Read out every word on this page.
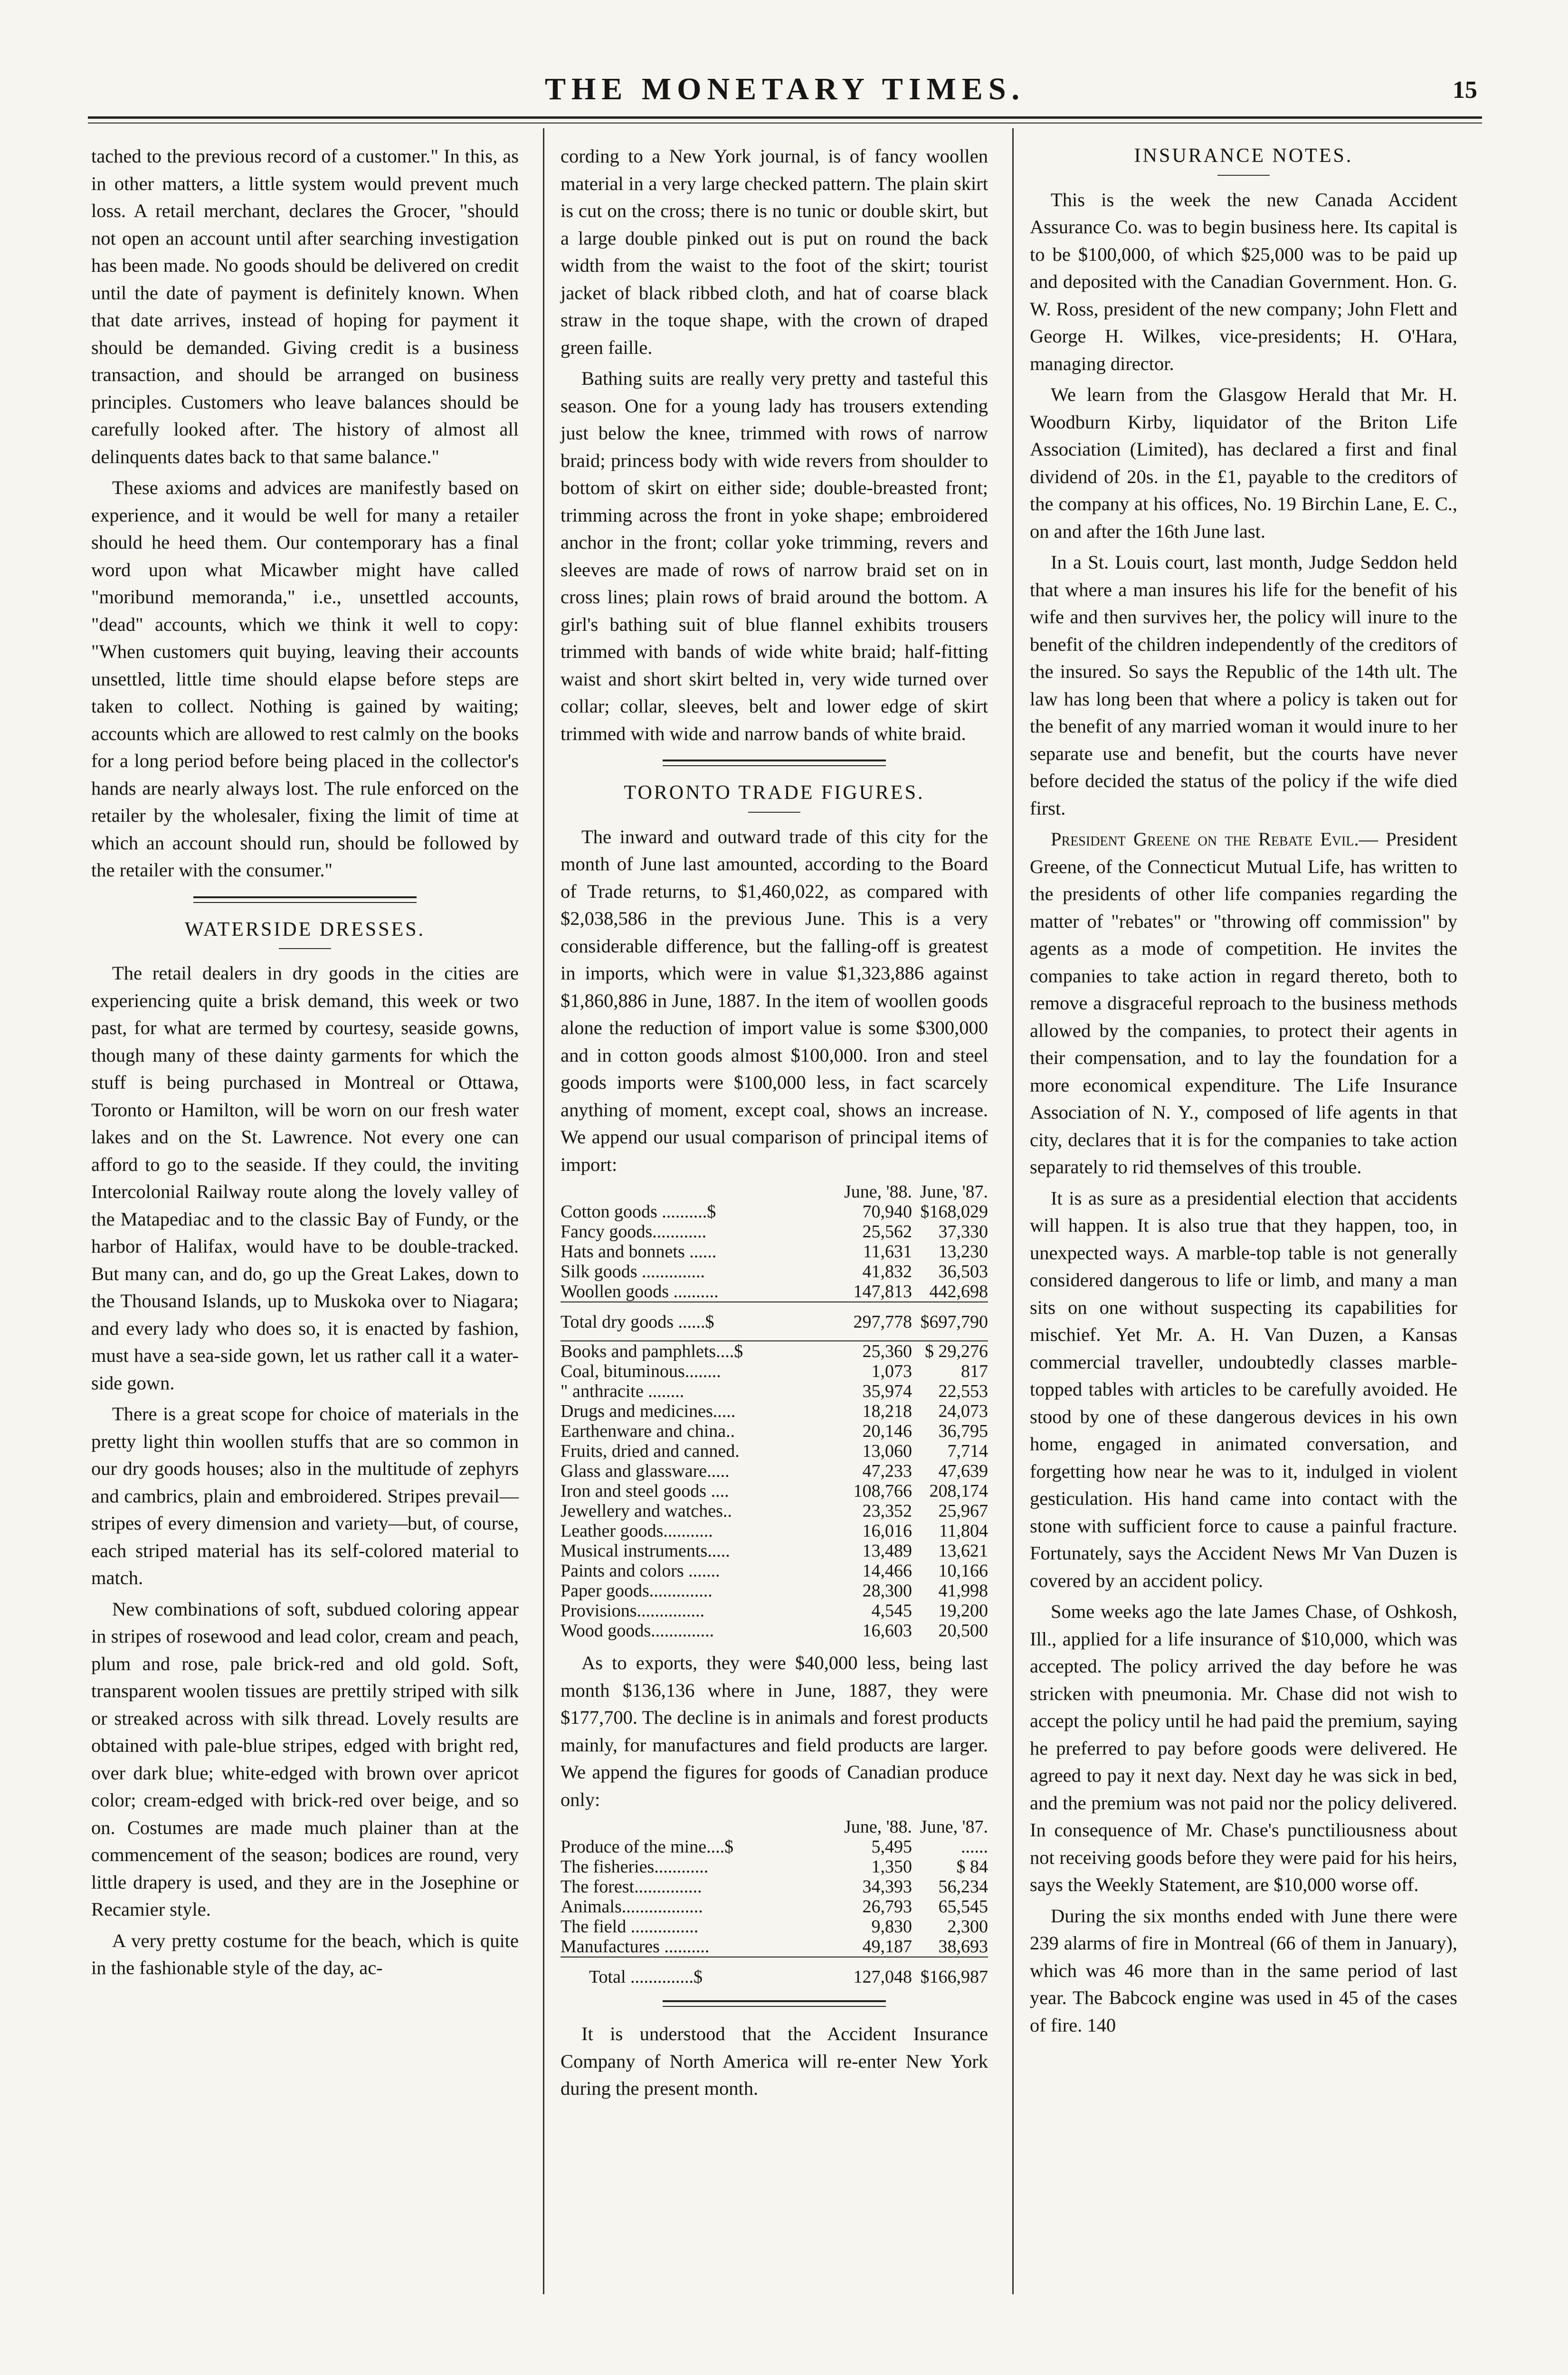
THE MONETARY TIMES.	15

tached to the previous record of a customer." In this, as in other matters, a little system would prevent much loss. A retail merchant, declares the Grocer, "should not open an account until after searching investigation has been made. No goods should be delivered on credit until the date of payment is definitely known. When that date arrives, instead of hoping for payment it should be demanded. Giving credit is a business transaction, and should be arranged on business principles. Customers who leave balances should be carefully looked after. The history of almost all delinquents dates back to that same balance."

These axioms and advices are manifestly based on experience, and it would be well for many a retailer should he heed them. Our contemporary has a final word upon what Micawber might have called "moribund memoranda," i.e., unsettled accounts, "dead" accounts, which we think it well to copy: "When customers quit buying, leaving their accounts unsettled, little time should elapse before steps are taken to collect. Nothing is gained by waiting; accounts which are allowed to rest calmly on the books for a long period before being placed in the collector's hands are nearly always lost. The rule enforced on the retailer by the wholesaler, fixing the limit of time at which an account should run, should be followed by the retailer with the consumer."

WATERSIDE DRESSES.

The retail dealers in dry goods in the cities are experiencing quite a brisk demand, this week or two past, for what are termed by courtesy, seaside gowns, though many of these dainty garments for which the stuff is being purchased in Montreal or Ottawa, Toronto or Hamilton, will be worn on our fresh water lakes and on the St. Lawrence. Not every one can afford to go to the seaside. If they could, the inviting Intercolonial Railway route along the lovely valley of the Matapediac and to the classic Bay of Fundy, or the harbor of Halifax, would have to be double-tracked. But many can, and do, go up the Great Lakes, down to the Thousand Islands, up to Muskoka over to Niagara; and every lady who does so, it is enacted by fashion, must have a sea-side gown, let us rather call it a water-side gown.

There is a great scope for choice of materials in the pretty light thin woollen stuffs that are so common in our dry goods houses; also in the multitude of zephyrs and cambrics, plain and embroidered. Stripes prevail—stripes of every dimension and variety—but, of course, each striped material has its self-colored material to match.

New combinations of soft, subdued coloring appear in stripes of rosewood and lead color, cream and peach, plum and rose, pale brick-red and old gold. Soft, transparent woolen tissues are prettily striped with silk or streaked across with silk thread. Lovely results are obtained with pale-blue stripes, edged with bright red, over dark blue; white-edged with brown over apricot color; cream-edged with brick-red over beige, and so on. Costumes are made much plainer than at the commencement of the season; bodices are round, very little drapery is used, and they are in the Josephine or Recamier style.

A very pretty costume for the beach, which is quite in the fashionable style of the day, ac-

cording to a New York journal, is of fancy woollen material in a very large checked pattern. The plain skirt is cut on the cross; there is no tunic or double skirt, but a large double pinked out is put on round the back width from the waist to the foot of the skirt; tourist jacket of black ribbed cloth, and hat of coarse black straw in the toque shape, with the crown of draped green faille.

Bathing suits are really very pretty and tasteful this season. One for a young lady has trousers extending just below the knee, trimmed with rows of narrow braid; princess body with wide revers from shoulder to bottom of skirt on either side; double-breasted front; trimming across the front in yoke shape; embroidered anchor in the front; collar yoke trimming, revers and sleeves are made of rows of narrow braid set on in cross lines; plain rows of braid around the bottom. A girl's bathing suit of blue flannel exhibits trousers trimmed with bands of wide white braid; half-fitting waist and short skirt belted in, very wide turned over collar; collar, sleeves, belt and lower edge of skirt trimmed with wide and narrow bands of white braid.

TORONTO TRADE FIGURES.

The inward and outward trade of this city for the month of June last amounted, according to the Board of Trade returns, to $1,460,022, as compared with $2,038,586 in the previous June. This is a very considerable difference, but the falling-off is greatest in imports, which were in value $1,323,886 against $1,860,886 in June, 1887. In the item of woollen goods alone the reduction of import value is some $300,000 and in cotton goods almost $100,000. Iron and steel goods imports were $100,000 less, in fact scarcely anything of moment, except coal, shows an increase. We append our usual comparison of principal items of import:

	June, '88.	June, '87.
Cotton goods ..........$	70,940	$168,029
Fancy goods............	25,562	37,330
Hats and bonnets ......	11,631	13,230
Silk goods ..............	41,832	36,503
Woollen goods ..........	147,813	442,698

Total dry goods ......$	297,778	$697,790

Books and pamphlets....$	25,360	$ 29,276
Coal, bituminous........	1,073	817
" anthracite ........	35,974	22,553
Drugs and medicines.....	18,218	24,073
Earthenware and china..	20,146	36,795
Fruits, dried and canned.	13,060	7,714
Glass and glassware.....	47,233	47,639
Iron and steel goods ....	108,766	208,174
Jewellery and watches..	23,352	25,967
Leather goods...........	16,016	11,804
Musical instruments.....	13,489	13,621
Paints and colors .......	14,466	10,166
Paper goods..............	28,300	41,998
Provisions...............	4,545	19,200
Wood goods..............	16,603	20,500

As to exports, they were $40,000 less, being last month $136,136 where in June, 1887, they were $177,700. The decline is in animals and forest products mainly, for manufactures and field products are larger. We append the figures for goods of Canadian produce only:

	June, '88.	June, '87.
Produce of the mine....$	5,495	......
The fisheries............	1,350	$ 84
The forest...............	34,393	56,234
Animals..................	26,793	65,545
The field ...............	9,830	2,300
Manufactures ..........	49,187	38,693

Total ..............$	127,048	$166,987

It is understood that the Accident Insurance Company of North America will re-enter New York during the present month.

INSURANCE NOTES.

This is the week the new Canada Accident Assurance Co. was to begin business here. Its capital is to be $100,000, of which $25,000 was to be paid up and deposited with the Canadian Government. Hon. G. W. Ross, president of the new company; John Flett and George H. Wilkes, vice-presidents; H. O'Hara, managing director.

We learn from the Glasgow Herald that Mr. H. Woodburn Kirby, liquidator of the Briton Life Association (Limited), has declared a first and final dividend of 20s. in the £1, payable to the creditors of the company at his offices, No. 19 Birchin Lane, E. C., on and after the 16th June last.

In a St. Louis court, last month, Judge Seddon held that where a man insures his life for the benefit of his wife and then survives her, the policy will inure to the benefit of the children independently of the creditors of the insured. So says the Republic of the 14th ult. The law has long been that where a policy is taken out for the benefit of any married woman it would inure to her separate use and benefit, but the courts have never before decided the status of the policy if the wife died first.

President Greene on the Rebate Evil.— President Greene, of the Connecticut Mutual Life, has written to the presidents of other life companies regarding the matter of "rebates" or "throwing off commission" by agents as a mode of competition. He invites the companies to take action in regard thereto, both to remove a disgraceful reproach to the business methods allowed by the companies, to protect their agents in their compensation, and to lay the foundation for a more economical expenditure. The Life Insurance Association of N. Y., composed of life agents in that city, declares that it is for the companies to take action separately to rid themselves of this trouble.

It is as sure as a presidential election that accidents will happen. It is also true that they happen, too, in unexpected ways. A marble-top table is not generally considered dangerous to life or limb, and many a man sits on one without suspecting its capabilities for mischief. Yet Mr. A. H. Van Duzen, a Kansas commercial traveller, undoubtedly classes marble-topped tables with articles to be carefully avoided. He stood by one of these dangerous devices in his own home, engaged in animated conversation, and forgetting how near he was to it, indulged in violent gesticulation. His hand came into contact with the stone with sufficient force to cause a painful fracture. Fortunately, says the Accident News Mr Van Duzen is covered by an accident policy.

Some weeks ago the late James Chase, of Oshkosh, Ill., applied for a life insurance of $10,000, which was accepted. The policy arrived the day before he was stricken with pneumonia. Mr. Chase did not wish to accept the policy until he had paid the premium, saying he preferred to pay before goods were delivered. He agreed to pay it next day. Next day he was sick in bed, and the premium was not paid nor the policy delivered. In consequence of Mr. Chase's punctiliousness about not receiving goods before they were paid for his heirs, says the Weekly Statement, are $10,000 worse off.

During the six months ended with June there were 239 alarms of fire in Montreal (66 of them in January), which was 46 more than in the same period of last year. The Babcock engine was used in 45 of the cases of fire. 140
